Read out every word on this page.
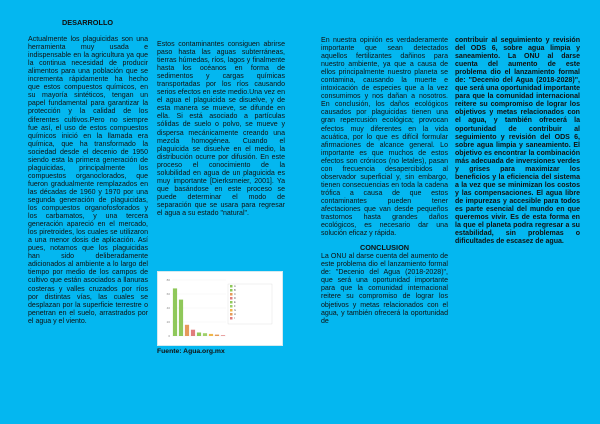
DESARROLLO

Actualmente los plaguicidas son una herramienta muy usada e indispensable en la agricultura ya que la continua necesidad de producir alimentos para una población que se incrementa rápidamente ha hecho que estos compuestos químicos, en su mayoría sintéticos, tengan un papel fundamental para garantizar la protección y la calidad de los diferentes cultivos.Pero no siempre fue así, el uso de estos compuestos químicos inició en la llamada era química, que ha transformado la sociedad desde el decenio de 1950 siendo esta la primera generación de plaguicidas, principalmente los compuestos organoclorados, que fueron gradualmente remplazados en las décadas de 1960 y 1970 por una segunda generación de plaguicidas, los compuestos organofosforados y los carbamatos, y una tercera generación apareció en el mercado, los piretroides, los cuales se utilizaron a una menor dosis de aplicación. Así pues, notamos que los plaguicidas han sido deliberadamente adicionados al ambiente a lo largo del tiempo por medio de los campos de cultivo que están asociados a llanuras costeras y valles cruzados por ríos por distintas vías, las cuales se desplazan por la superficie terrestre o penetran en el suelo, arrastrados por el agua y el viento.

Estos contaminantes consiguen abrirse paso hasta las aguas subterráneas, tierras húmedas, ríos, lagos y finalmente hasta los océanos en forma de sedimentos y cargas químicas transportadas por los ríos causando serios efectos en este medio.Una vez en el agua el plaguicida se disuelve, y de esta manera se mueve, se difunde en ella. Si está asociado a partículas sólidas de suelo o polvo, se mueve y dispersa mecánicamente creando una mezcla homogénea. Cuando el plaguicida se disuelve en el medio, la distribución ocurre por difusión. En este proceso el conocimiento de la solubilidad en agua de un plaguicida es muy importante [Dierksmeier, 2001]. Ya que basándose en este proceso se puede determinar el modo de separación que se usara para regresar el agua a su estado "natural".

0
20
40
60
80
A
B
C
D
E
F
G
H
I
Fuente: Agua.org.mx

En nuestra opinión es verdaderamente importante que sean detectados aquellos fertilizantes dañinos para nuestro ambiente, ya que a causa de ellos principalmente nuestro planeta se contamina, causando la muerte e intoxicación de especies que a la vez consumimos y nos dañan a nosotros. En conclusión, los daños ecológicos causados por plaguicidas tienen una gran repercusión ecológica; provocan efectos muy diferentes en la vida acuática, por lo que es difícil formular afirmaciones de alcance general. Lo importante es que muchos de estos efectos son crónicos (no letales), pasan con frecuencia desapercibidos al observador superficial y, sin embargo, tienen consecuencias en toda la cadena trófica a causa de que estos contaminantes pueden tener afectaciones que van desde pequeños trastornos hasta grandes daños ecológicos, es necesario dar una solución eficaz y rápida.

CONCLUSION

La ONU al darse cuenta del aumento de este problema dio el lanzamiento formal de: "Decenio del Agua (2018-2028)", que será una oportunidad importante para que la comunidad internacional reitere su compromiso de lograr los objetivos y metas relacionados con el agua, y también ofrecerá la oportunidad de

contribuir al seguimiento y revisión del ODS 6, sobre agua limpia y saneamiento. La ONU al darse cuenta del aumento de este problema dio el lanzamiento formal de: "Decenio del Agua (2018-2028)", que será una oportunidad importante para que la comunidad internacional reitere su compromiso de lograr los objetivos y metas relacionados con el agua, y también ofrecerá la oportunidad de contribuir al seguimiento y revisión del ODS 6, sobre agua limpia y saneamiento. El objetivo es encontrar la combinación más adecuada de inversiones verdes y grises para maximizar los beneficios y la eficiencia del sistema a la vez que se minimizan los costos y las compensaciones. El agua libre de impurezas y accesible para todos es parte esencial del mundo en que queremos vivir. Es de esta forma en la que el planeta podra regresar a su estabilidad, sin problemas o dificultades de escasez de agua.
